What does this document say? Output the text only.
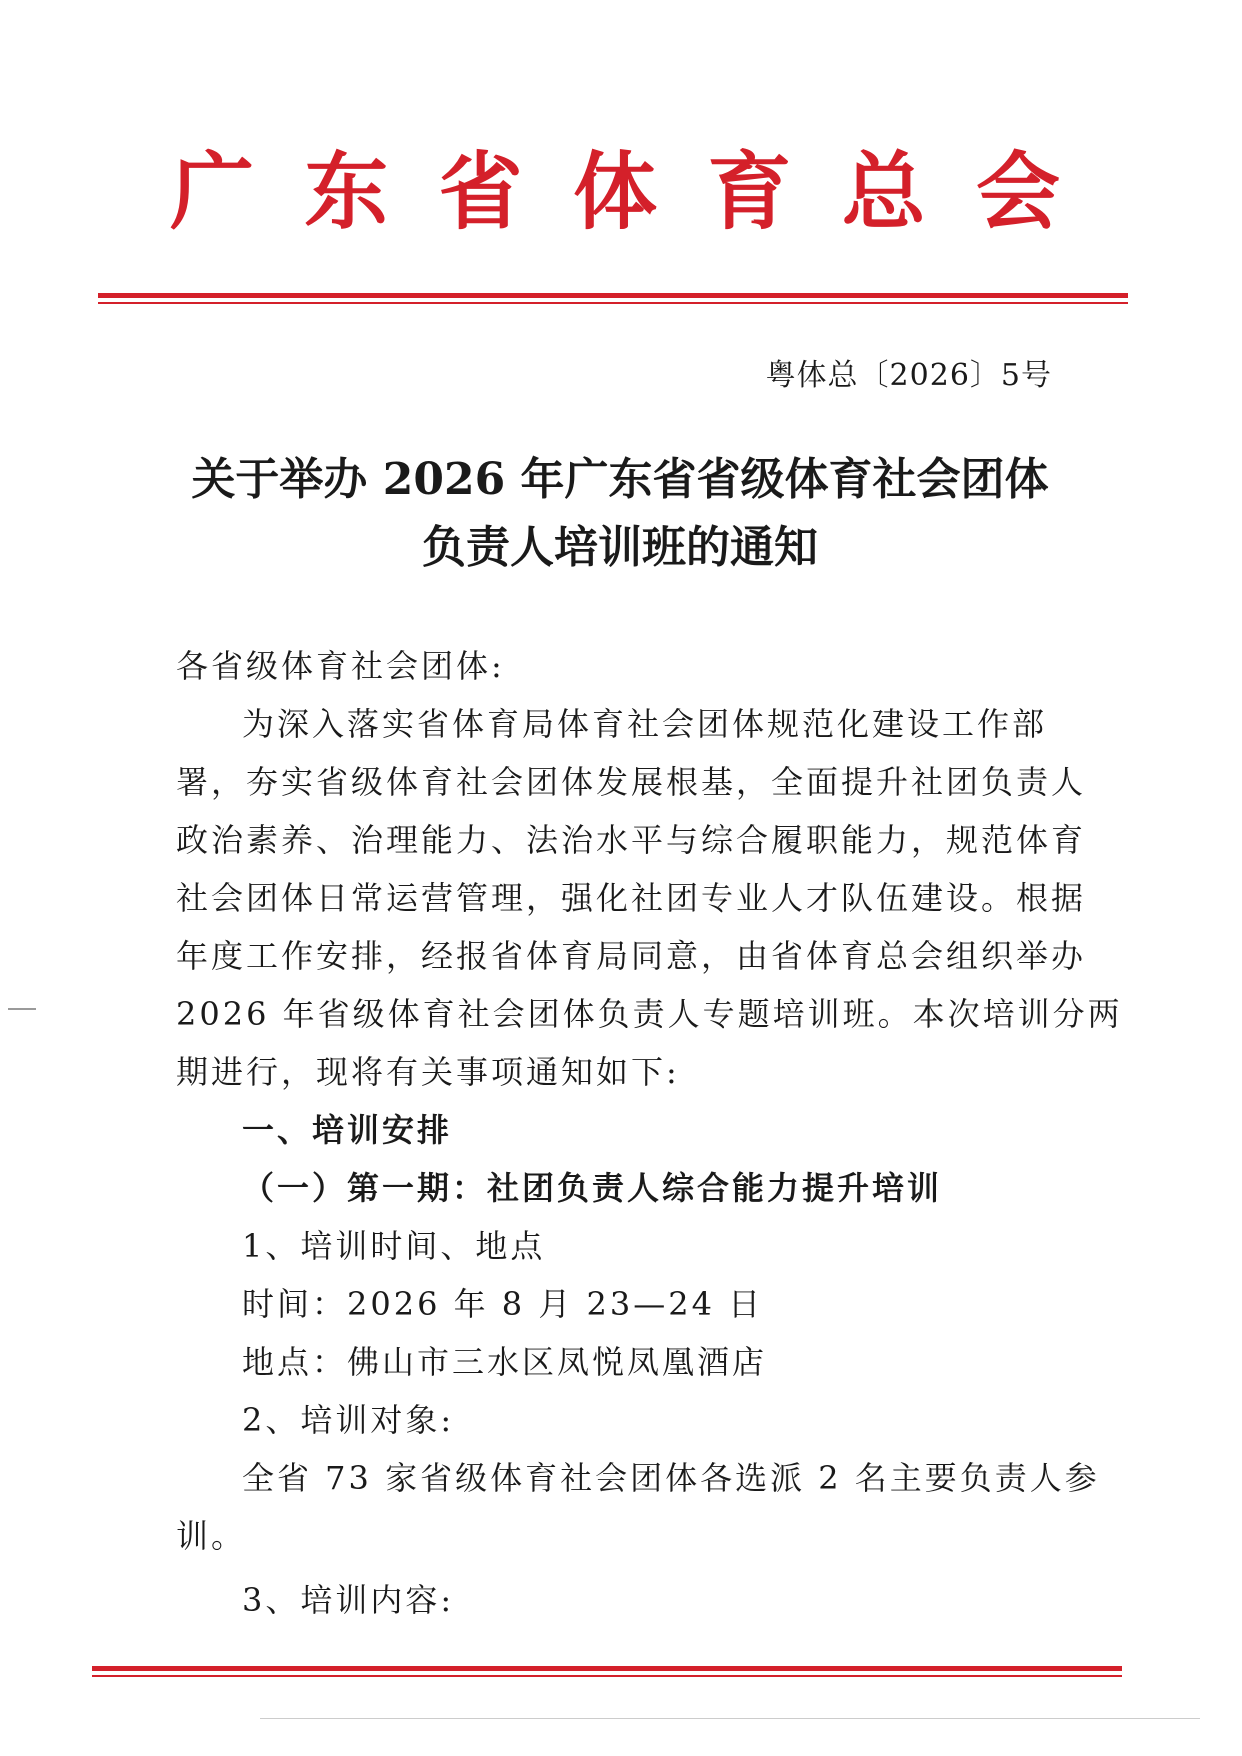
广 东 省 体 育 总 会
粤体总〔2026〕5号
关于举办 2026 年广东省省级体育社会团体
负责人培训班的通知
各省级体育社会团体:
为深入落实省体育局体育社会团体规范化建设工作部
署，夯实省级体育社会团体发展根基，全面提升社团负责人
政治素养、治理能力、法治水平与综合履职能力，规范体育
社会团体日常运营管理，强化社团专业人才队伍建设。根据
年度工作安排，经报省体育局同意，由省体育总会组织举办
2026 年省级体育社会团体负责人专题培训班。本次培训分两
期进行，现将有关事项通知如下:
一、培训安排
（一）第一期：社团负责人综合能力提升培训
1、培训时间、地点
时间：2026 年 8 月 23—24 日
地点：佛山市三水区凤悦凤凰酒店
2、培训对象:
全省 73 家省级体育社会团体各选派 2 名主要负责人参
训。
3、培训内容:
